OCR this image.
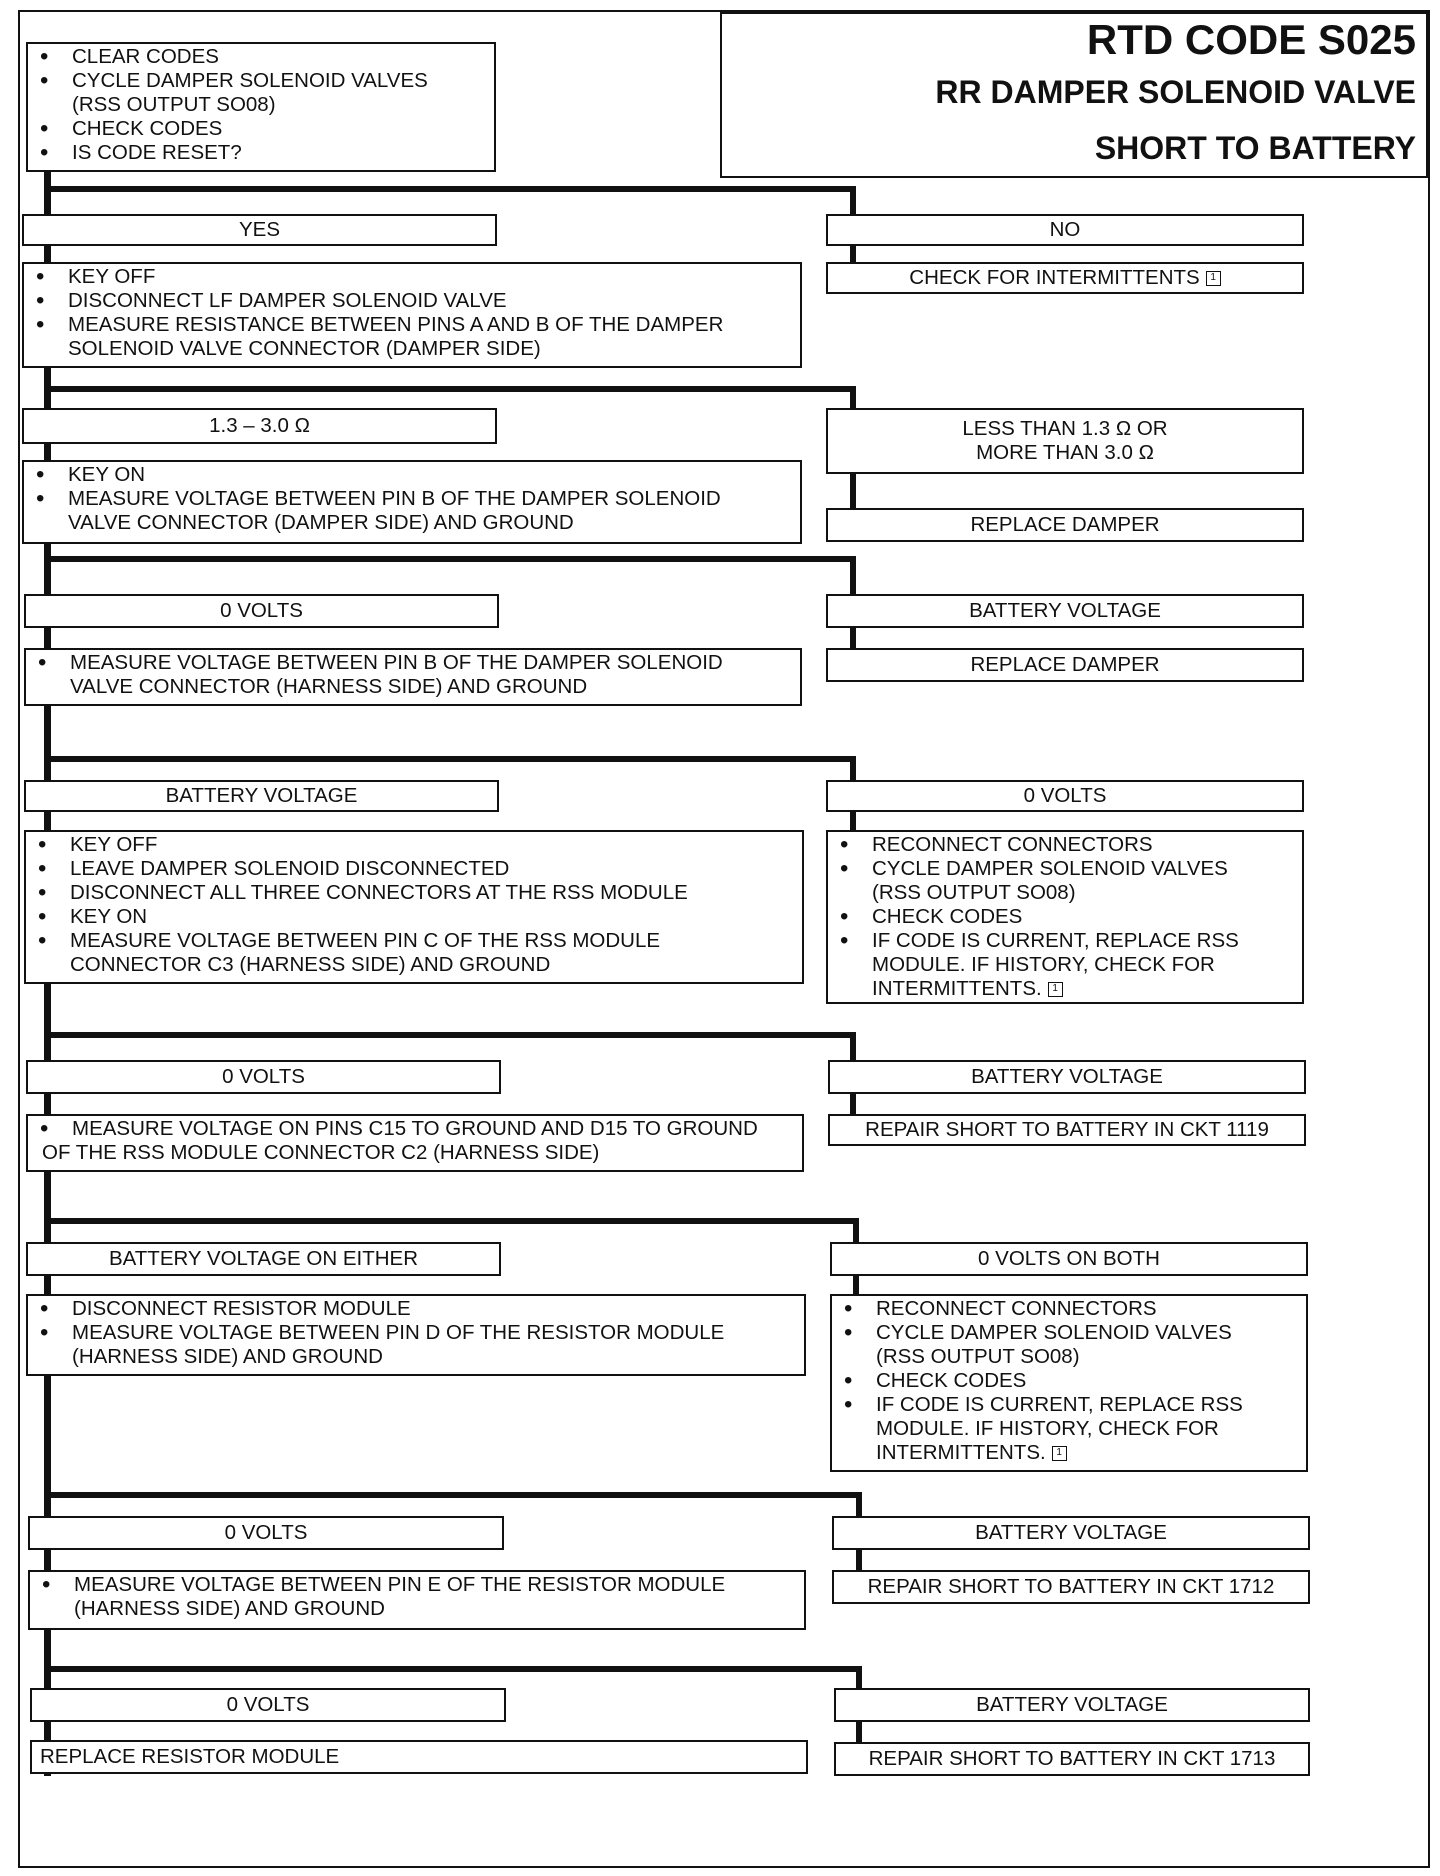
RTD CODE S025
RR DAMPER SOLENOID VALVE
SHORT TO BATTERY
• CLEAR CODES
• CYCLE DAMPER SOLENOID VALVES
(RSS OUTPUT SO08)
• CHECK CODES
• IS CODE RESET?
YES	NO
CHECK FOR INTERMITTENTS	1
• KEY OFF
• DISCONNECT LF DAMPER SOLENOID VALVE
• MEASURE RESISTANCE BETWEEN PINS A AND B OF THE DAMPER
SOLENOID VALVE CONNECTOR (DAMPER SIDE)
1.3 – 3.0 Ω	LESS THAN 1.3 Ω OR
MORE THAN 3.0 Ω
REPLACE DAMPER
• KEY ON
• MEASURE VOLTAGE BETWEEN PIN B OF THE DAMPER SOLENOID
VALVE CONNECTOR (DAMPER SIDE) AND GROUND
0 VOLTS	BATTERY VOLTAGE
REPLACE DAMPER
• MEASURE VOLTAGE BETWEEN PIN B OF THE DAMPER SOLENOID
VALVE CONNECTOR (HARNESS SIDE) AND GROUND
BATTERY VOLTAGE	0 VOLTS
• KEY OFF
• LEAVE DAMPER SOLENOID DISCONNECTED
• DISCONNECT ALL THREE CONNECTORS AT THE RSS MODULE
• KEY ON
• MEASURE VOLTAGE BETWEEN PIN C OF THE RSS MODULE
CONNECTOR C3 (HARNESS SIDE) AND GROUND
• RECONNECT CONNECTORS
• CYCLE DAMPER SOLENOID VALVES
(RSS OUTPUT SO08)
• CHECK CODES
• IF CODE IS CURRENT, REPLACE RSS
MODULE. IF HISTORY, CHECK FOR
INTERMITTENTS. 1
0 VOLTS	BATTERY VOLTAGE
REPAIR SHORT TO BATTERY IN CKT 1119
• MEASURE VOLTAGE ON PINS C15 TO GROUND AND D15 TO GROUND
OF THE RSS MODULE CONNECTOR C2 (HARNESS SIDE)
BATTERY VOLTAGE ON EITHER	0 VOLTS ON BOTH
• DISCONNECT RESISTOR MODULE
• MEASURE VOLTAGE BETWEEN PIN D OF THE RESISTOR MODULE
(HARNESS SIDE) AND GROUND
• RECONNECT CONNECTORS
• CYCLE DAMPER SOLENOID VALVES
(RSS OUTPUT SO08)
• CHECK CODES
• IF CODE IS CURRENT, REPLACE RSS
MODULE. IF HISTORY, CHECK FOR
INTERMITTENTS. 1
0 VOLTS	BATTERY VOLTAGE
REPAIR SHORT TO BATTERY IN CKT 1712
• MEASURE VOLTAGE BETWEEN PIN E OF THE RESISTOR MODULE
(HARNESS SIDE) AND GROUND
0 VOLTS	BATTERY VOLTAGE
REPLACE RESISTOR MODULE	REPAIR SHORT TO BATTERY IN CKT 1713
